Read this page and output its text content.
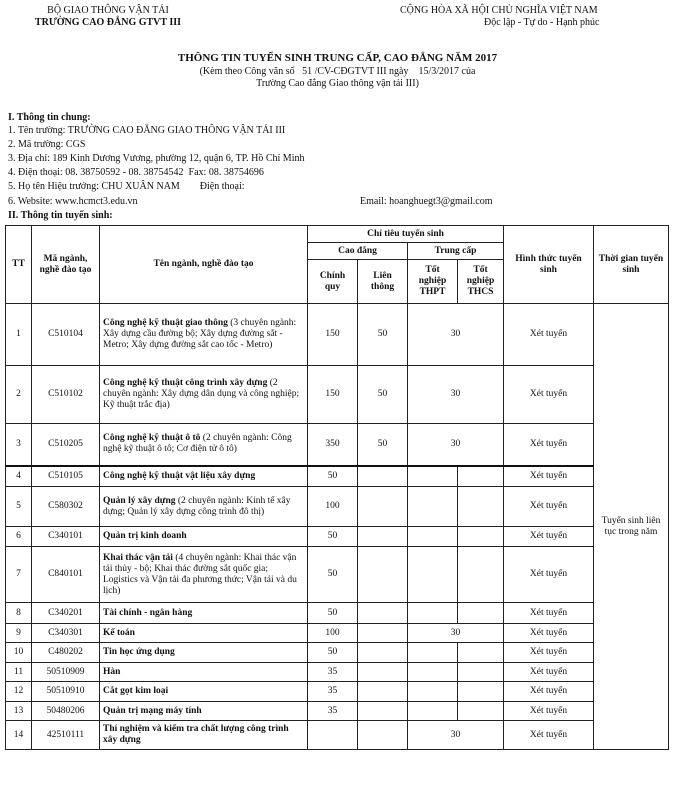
BỘ GIAO THÔNG VẬN TẢI
TRƯỜNG CAO ĐẲNG GTVT III
CỘNG HÒA XÃ HỘI CHỦ NGHĨA VIỆT NAM
Độc lập - Tự do - Hạnh phúc
THÔNG TIN TUYỂN SINH TRUNG CẤP, CAO ĐẲNG NĂM 2017
(Kèm theo Công văn số   51 /CV-CĐGTVT III ngày    15/3/2017 của
Trường Cao đẳng Giao thông vận tải III)
I. Thông tin chung:
1. Tên trường: TRƯỜNG CAO ĐẲNG GIAO THÔNG VẬN TẢI III
2. Mã trường: CGS
3. Địa chỉ: 189 Kinh Dương Vương, phường 12, quận 6, TP. Hồ Chí Minh
4. Điện thoại: 08. 38750592 - 08. 38754542  Fax: 08. 38754696
5. Họ tên Hiệu trưởng: CHU XUÂN NAM        Điện thoại:
6. Website: www.hcmct3.edu.vn	Email: hoanghuegt3@gmail.com
II. Thông tin tuyển sinh:
TT	Mã ngành, nghề đào tạo	Tên ngành, nghề đào tạo	Chỉ tiêu tuyển sinh				Hình thức tuyển sinh	Thời gian tuyển sinh
			Cao đẳng		Trung cấp			
			Chính quy	Liên thông	Tốt nghiệp THPT	Tốt nghiệp THCS		
1	C510104	Công nghệ kỹ thuật giao thông (3 chuyên ngành: Xây dựng cầu đường bộ; Xây dựng đường sắt - Metro; Xây dựng đường sắt cao tốc - Metro)	150	50	30		Xét tuyển	Tuyển sinh liên tục trong năm
2	C510102	Công nghệ kỹ thuật công trình xây dựng (2 chuyên ngành: Xây dựng dân dụng và công nghiệp; Kỹ thuật trắc địa)	150	50	30		Xét tuyển	
3	C510205	Công nghệ kỹ thuật ô tô (2 chuyên ngành: Công nghệ kỹ thuật ô tô; Cơ điện tử ô tô)	350	50	30		Xét tuyển	
4	C510105	Công nghệ kỹ thuật vật liệu xây dựng	50				Xét tuyển	
5	C580302	Quản lý xây dựng (2 chuyên ngành: Kinh tế xây dựng; Quản lý xây dựng công trình đô thị)	100				Xét tuyển	
6	C340101	Quản trị kinh doanh	50				Xét tuyển	
7	C840101	Khai thác vận tải (4 chuyên ngành: Khai thác vận tải thủy - bộ; Khai thác đường sắt quốc gia; Logistics và Vận tải đa phương thức; Vận tải và du lịch)	50				Xét tuyển	
8	C340201	Tài chính - ngân hàng	50				Xét tuyển	
9	C340301	Kế toán	100		30		Xét tuyển	
10	C480202	Tin học ứng dụng	50				Xét tuyển	
11	50510909	Hàn	35				Xét tuyển	
12	50510910	Cắt gọt kim loại	35				Xét tuyển	
13	50480206	Quản trị mạng máy tính	35				Xét tuyển	
14	42510111	Thí nghiệm và kiểm tra chất lượng công trình xây dựng			30		Xét tuyển	
